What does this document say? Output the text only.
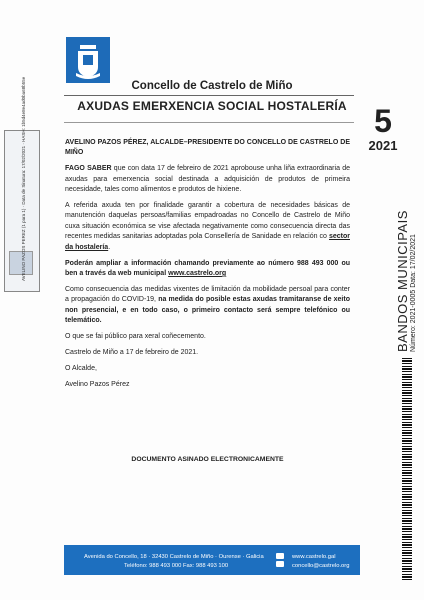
Concello de Castrelo de Miño
AXUDAS EMERXENCIA SOCIAL HOSTALERÍA 5
2021

AVELINO PAZOS PÉREZ, ALCALDE–PRESIDENTE DO CONCELLO DE CASTRELO DE MIÑO

FAGO SABER que con data 17 de febreiro de 2021 aprobouse unha liña extraordinaria de axudas para emerxencia social destinada a adquisición de produtos de primeira necesidade, tales como alimentos e produtos de hixiene.

A referida axuda ten por finalidade garantir a cobertura de necesidades básicas de manutención daquelas persoas/familias empadroadas no Concello de Castrelo de Miño cuxa situación económica se vise afectada negativamente como consecuencia directa das recentes medidas sanitarias adoptadas pola Consellería de Sanidade en relación co sector da hostalería.

Poderán ampliar a información chamando previamente ao número 988 493 000 ou ben a través da web municipal www.castrelo.org

Como consecuencia das medidas vixentes de limitación da mobilidade persoal para conter a propagación do COVID-19, na medida do posible estas axudas tramitaranse de xeito non presencial, e en todo caso, o primeiro contacto será sempre telefónico ou telemático.

O que se fai público para xeral coñecemento.

Castrelo de Miño a 17 de febreiro de 2021.

O Alcalde,

Avelino Pazos Pérez

DOCUMENTO ASINADO ELECTRONICAMENTE
AVELINO PAZOS PEREZ (1 para 1) · Data de Sinatura: 17/02/2021 · HASH: 1b5d4e8e4ad0ba68b55e
BANDOS MUNICIPAIS Número: 2021-0005 Data: 17/02/2021
Avenida do Concello, 18 · 32430 Castrelo de Miño · Ourense · Galicia
Teléfono: 988 493 000 Fax: 988 493 100
www.castrelo.gal
concello@castrelo.org
